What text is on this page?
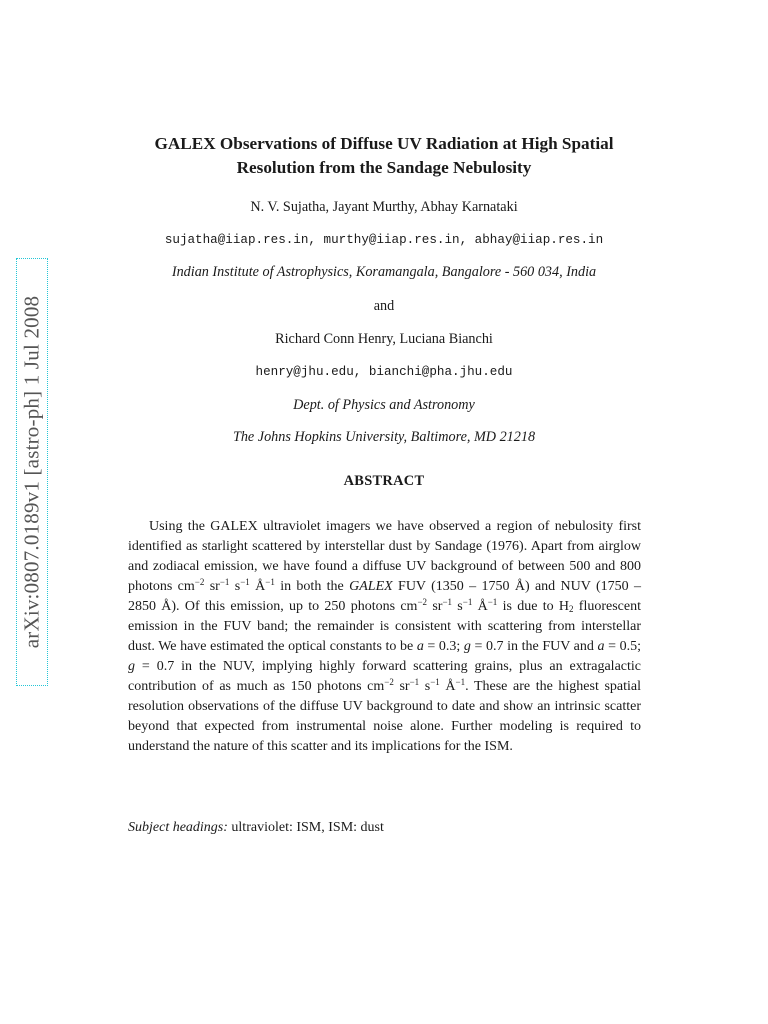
arXiv:0807.0189v1 [astro-ph] 1 Jul 2008
GALEX Observations of Diffuse UV Radiation at High Spatial
Resolution from the Sandage Nebulosity
N. V. Sujatha, Jayant Murthy, Abhay Karnataki
sujatha@iiap.res.in, murthy@iiap.res.in, abhay@iiap.res.in
Indian Institute of Astrophysics, Koramangala, Bangalore - 560 034, India
and
Richard Conn Henry, Luciana Bianchi
henry@jhu.edu, bianchi@pha.jhu.edu
Dept. of Physics and Astronomy
The Johns Hopkins University, Baltimore, MD 21218
ABSTRACT

Using the GALEX ultraviolet imagers we have observed a region of nebulosity first identified as starlight scattered by interstellar dust by Sandage (1976). Apart from airglow and zodiacal emission, we have found a diffuse UV background of between 500 and 800 photons $cm^{-2}$ $sr^{-1}$ $s^{-1}$ $Å^{-1}$ in both the GALEX FUV (1350 – 1750 Å) and NUV (1750 – 2850 Å). Of this emission, up to 250 photons $cm^{-2}$ $sr^{-1}$ $s^{-1}$ $Å^{-1}$ is due to $H_2$ fluorescent emission in the FUV band; the remainder is consistent with scattering from interstellar dust. We have estimated the optical constants to be a = 0.3; g = 0.7 in the FUV and a = 0.5; g = 0.7 in the NUV, implying highly forward scattering grains, plus an extragalactic contribution of as much as 150 photons $cm^{-2}$ $sr^{-1}$ $s^{-1}$ $Å^{-1}$. These are the highest spatial resolution observations of the diffuse UV background to date and show an intrinsic scatter beyond that expected from instrumental noise alone. Further modeling is required to understand the nature of this scatter and its implications for the ISM.

Subject headings: ultraviolet: ISM, ISM: dust
